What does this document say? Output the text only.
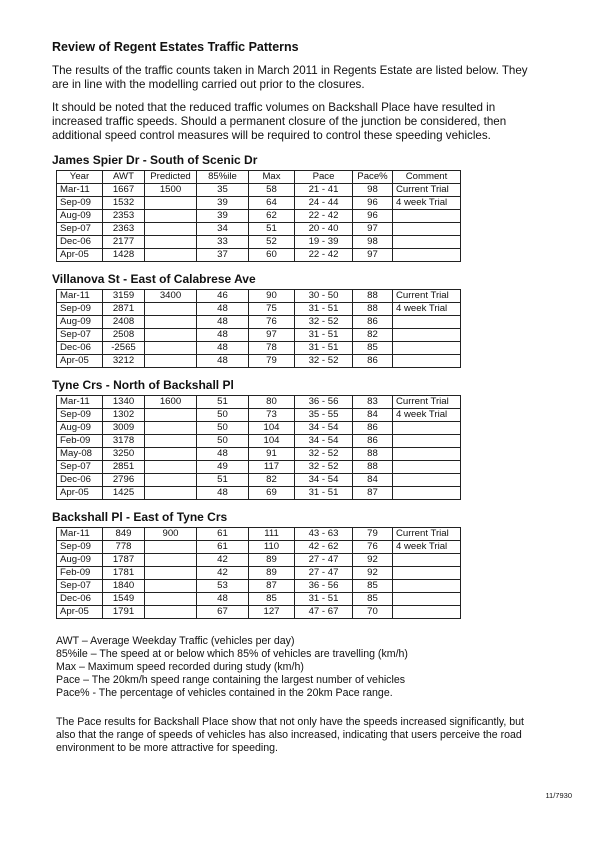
Review of Regent Estates Traffic Patterns

The results of the traffic counts taken in March 2011 in Regents Estate are listed below. They are in line with the modelling carried out prior to the closures.

It should be noted that the reduced traffic volumes on Backshall Place have resulted in increased traffic speeds. Should a permanent closure of the junction be considered, then additional speed control measures will be required to control these speeding vehicles.

James Spier Dr - South of Scenic Dr
Year	AWT	Predicted	85%ile	Max	Pace	Pace%	Comment
Mar-11	1667	1500	35	58	21 - 41	98	Current Trial
Sep-09	1532		39	64	24 - 44	96	4 week Trial
Aug-09	2353		39	62	22 - 42	96	
Sep-07	2363		34	51	20 - 40	97	
Dec-06	2177		33	52	19 - 39	98	
Apr-05	1428		37	60	22 - 42	97	
Villanova St - East of Calabrese Ave
Mar-11	3159	3400	46	90	30 - 50	88	Current Trial
Sep-09	2871		48	75	31 - 51	88	4 week Trial
Aug-09	2408		48	76	32 - 52	86	
Sep-07	2508		48	97	31 - 51	82	
Dec-06	-2565		48	78	31 - 51	85	
Apr-05	3212		48	79	32 - 52	86	
Tyne Crs - North of Backshall Pl
Mar-11	1340	1600	51	80	36 - 56	83	Current Trial
Sep-09	1302		50	73	35 - 55	84	4 week Trial
Aug-09	3009		50	104	34 - 54	86	
Feb-09	3178		50	104	34 - 54	86	
May-08	3250		48	91	32 - 52	88	
Sep-07	2851		49	117	32 - 52	88	
Dec-06	2796		51	82	34 - 54	84	
Apr-05	1425		48	69	31 - 51	87	
Backshall Pl - East of Tyne Crs
Mar-11	849	900	61	111	43 - 63	79	Current Trial
Sep-09	778		61	110	42 - 62	76	4 week Trial
Aug-09	1787		42	89	27 - 47	92	
Feb-09	1781		42	89	27 - 47	92	
Sep-07	1840		53	87	36 - 56	85	
Dec-06	1549		48	85	31 - 51	85	
Apr-05	1791		67	127	47 - 67	70	
AWT – Average Weekday Traffic (vehicles per day)
85%ile – The speed at or below which 85% of vehicles are travelling (km/h)
Max – Maximum speed recorded during study (km/h)
Pace – The 20km/h speed range containing the largest number of vehicles
Pace% - The percentage of vehicles contained in the 20km Pace range.

The Pace results for Backshall Place show that not only have the speeds increased significantly, but also that the range of speeds of vehicles has also increased, indicating that users perceive the road environment to be more attractive for speeding.

11/7930
